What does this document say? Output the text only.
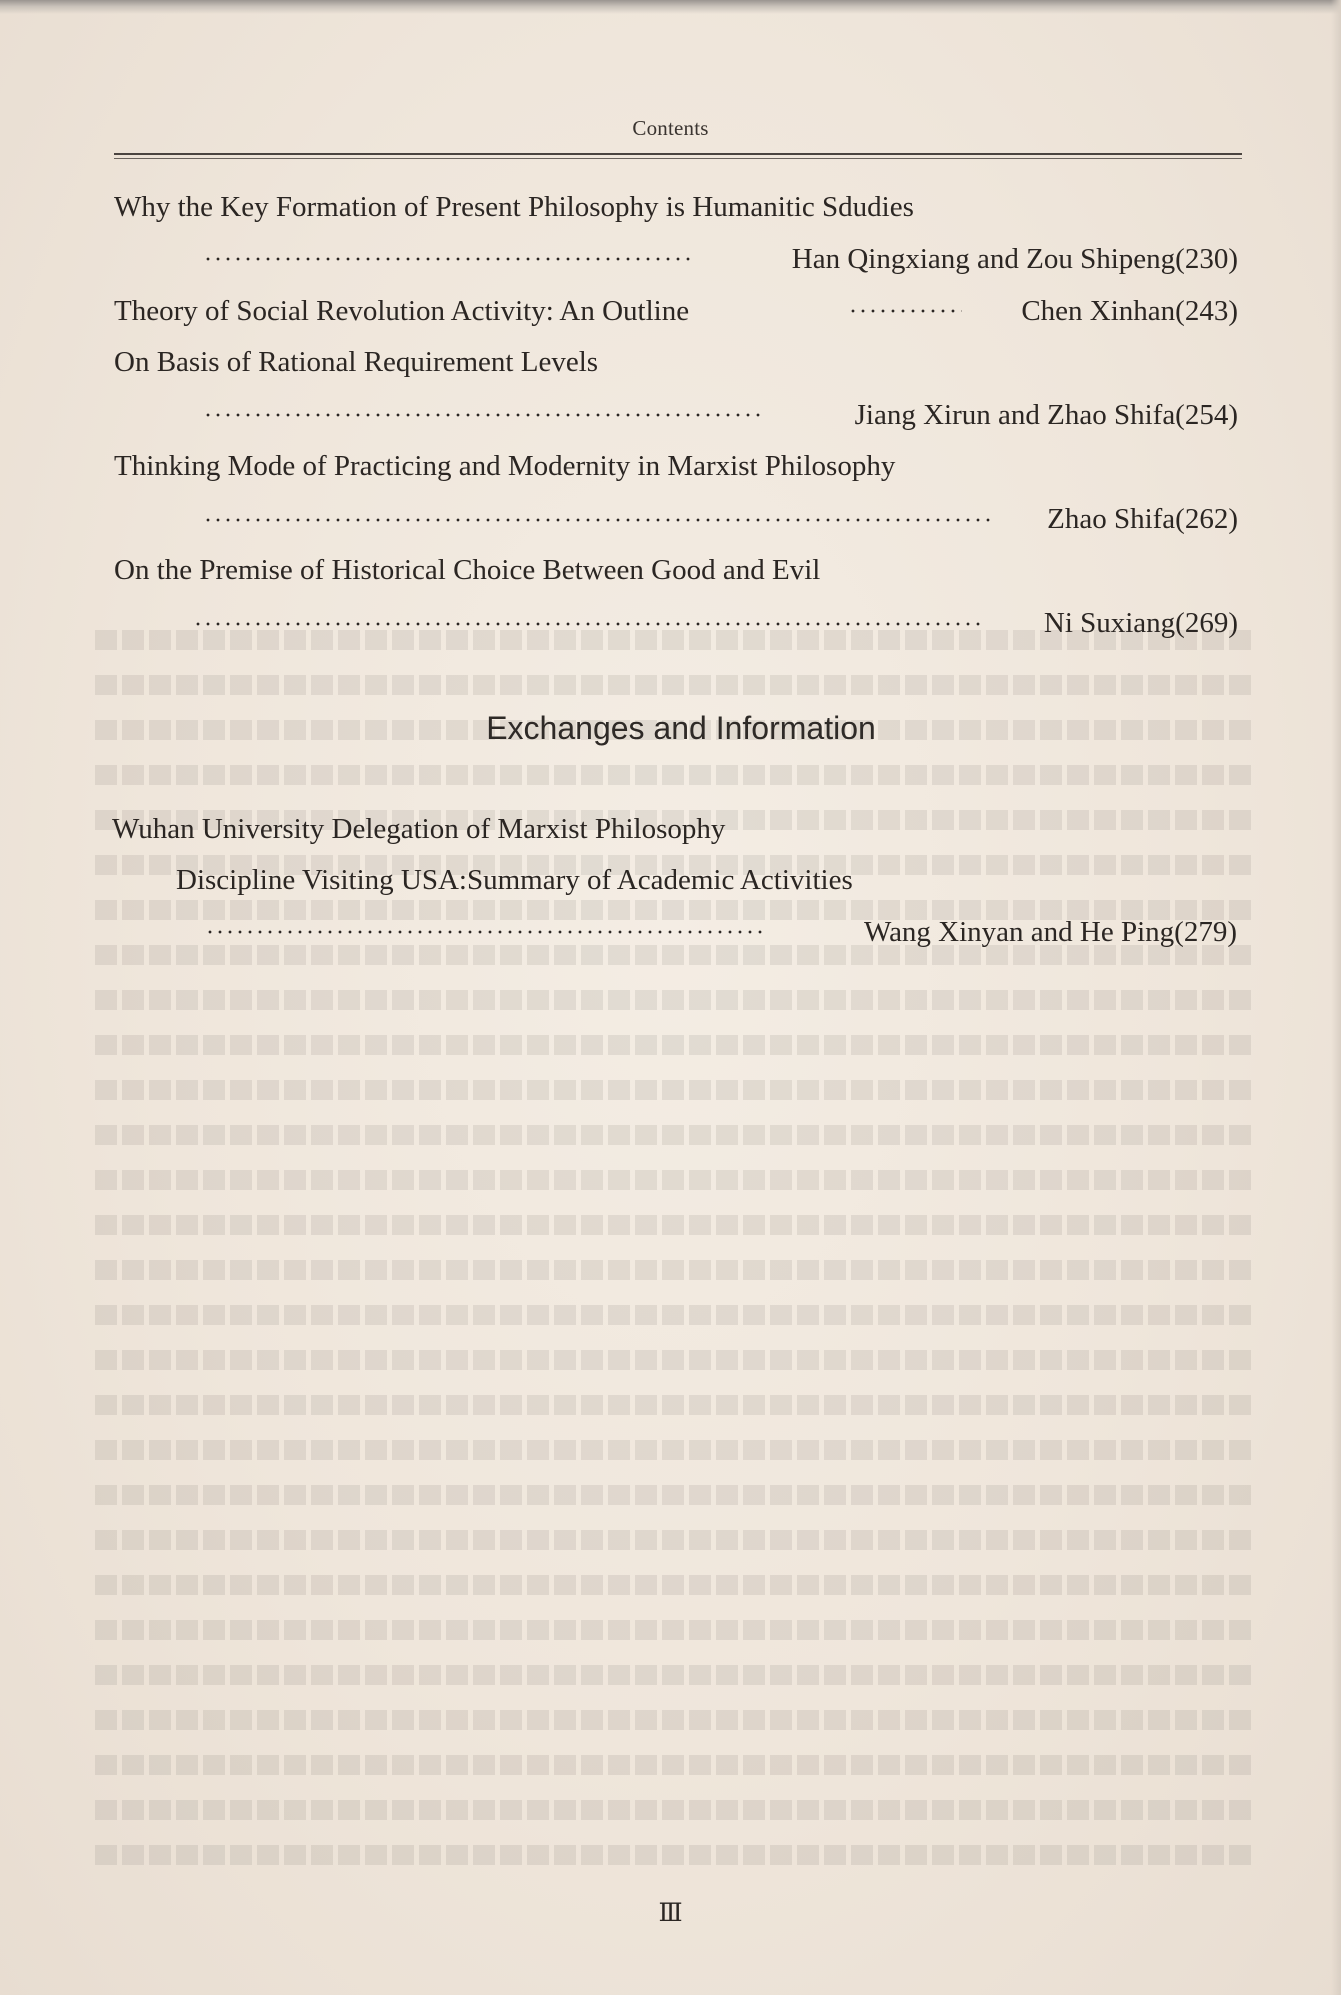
Contents
Why the Key Formation of Present Philosophy is Humanitic Sdudies
Han Qingxiang and Zou Shipeng(230)
Theory of Social Revolution Activity: An Outline	Chen Xinhan(243)
On Basis of Rational Requirement Levels
Jiang Xirun and Zhao Shifa(254)
Thinking Mode of Practicing and Modernity in Marxist Philosophy
Zhao Shifa(262)
On the Premise of Historical Choice Between Good and Evil
Ni Suxiang(269)
Exchanges and Information
Wuhan University Delegation of Marxist Philosophy
Discipline Visiting USA:Summary of Academic Activities
Wang Xinyan and He Ping(279)
Ⅲ
